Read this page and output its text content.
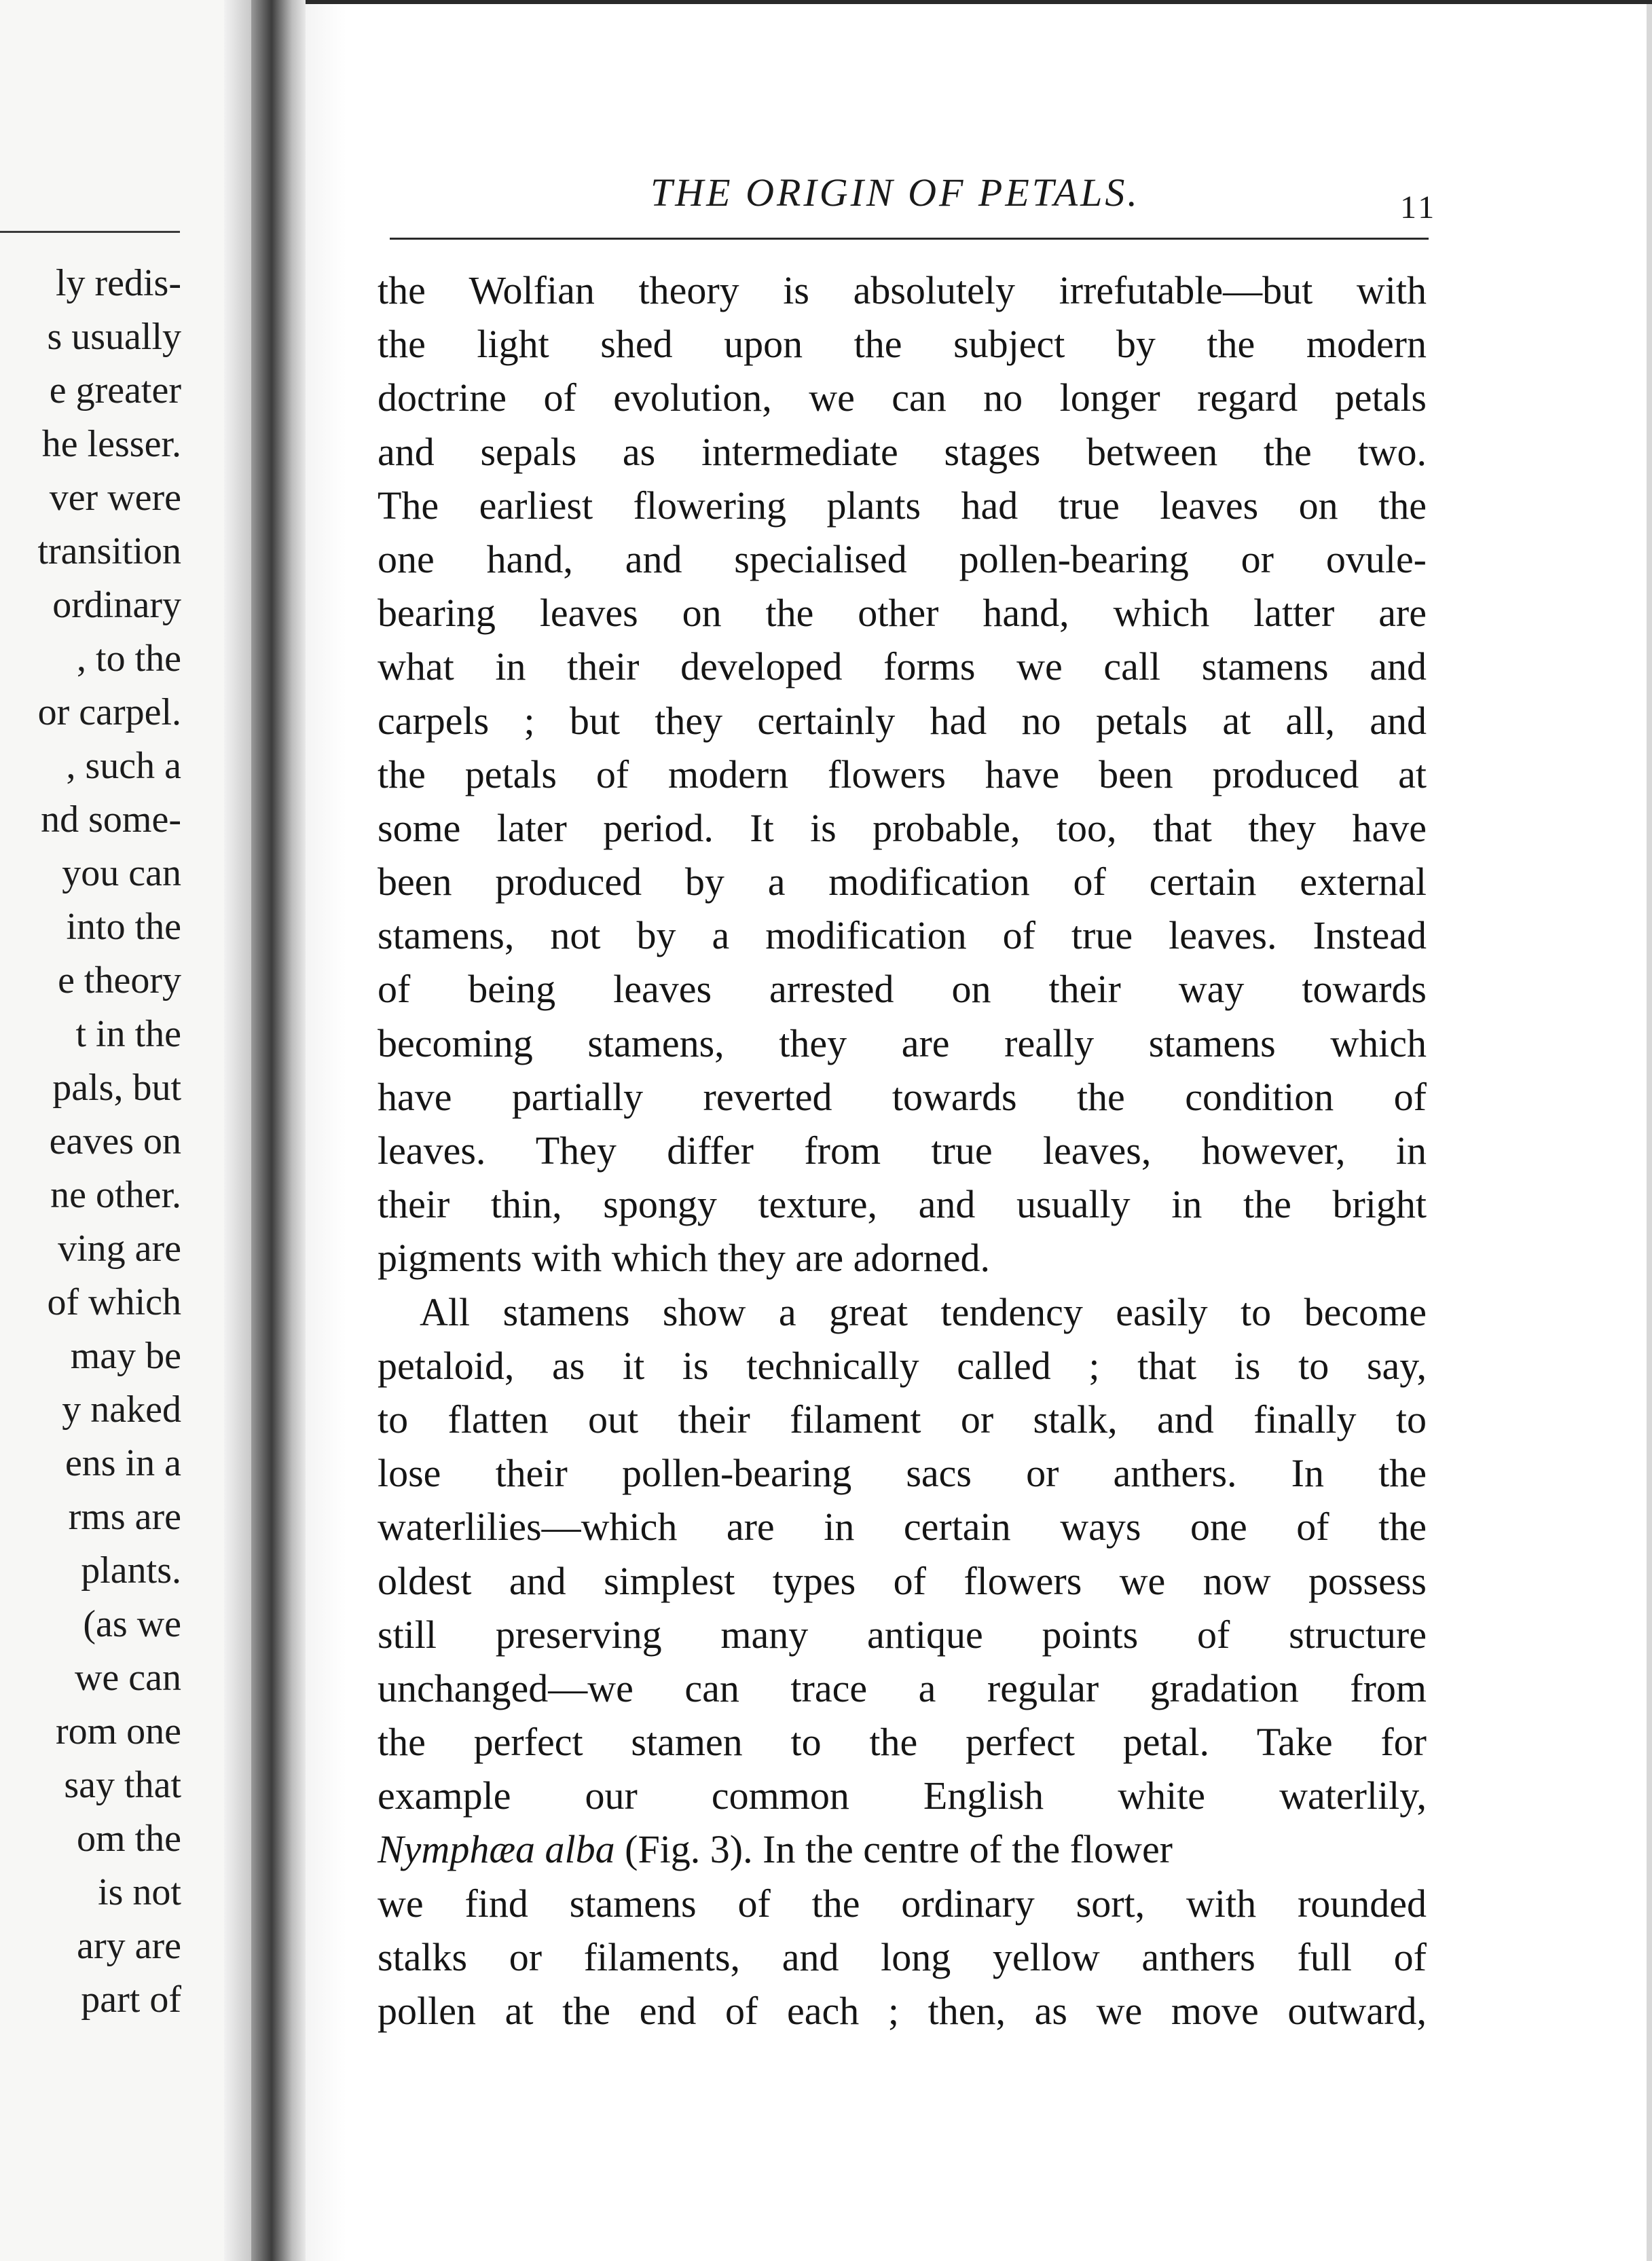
ly redis-
s usually
e greater
he lesser.
ver were
transition
ordinary
, to the
or carpel.
, such a
nd some-
you can
into the
e theory
t in the
pals, but
eaves on
ne other.
ving are
of which
may be
y naked
ens in a
rms are
plants.
(as we
we can
rom one
say that
om the
is not
ary are
part of
THE ORIGIN OF PETALS.	11
the Wolfian theory is absolutely irrefutable—but with
the light shed upon the subject by the modern
doctrine of evolution, we can no longer regard petals
and sepals as intermediate stages between the two.
The earliest flowering plants had true leaves on the
one hand, and specialised pollen-bearing or ovule-
bearing leaves on the other hand, which latter are
what in their developed forms we call stamens and
carpels ; but they certainly had no petals at all, and
the petals of modern flowers have been produced at
some later period. It is probable, too, that they have
been produced by a modification of certain external
stamens, not by a modification of true leaves. Instead
of being leaves arrested on their way towards
becoming stamens, they are really stamens which
have partially reverted towards the condition of
leaves. They differ from true leaves, however, in
their thin, spongy texture, and usually in the bright
pigments with which they are adorned.
All stamens show a great tendency easily to become
petaloid, as it is technically called ; that is to say,
to flatten out their filament or stalk, and finally to
lose their pollen-bearing sacs or anthers. In the
waterlilies—which are in certain ways one of the
oldest and simplest types of flowers we now possess
still preserving many antique points of structure
unchanged—we can trace a regular gradation from
the perfect stamen to the perfect petal. Take for
example our common English white waterlily,
Nymphæa alba (Fig. 3). In the centre of the flower
we find stamens of the ordinary sort, with rounded
stalks or filaments, and long yellow anthers full of
pollen at the end of each ; then, as we move outward,
